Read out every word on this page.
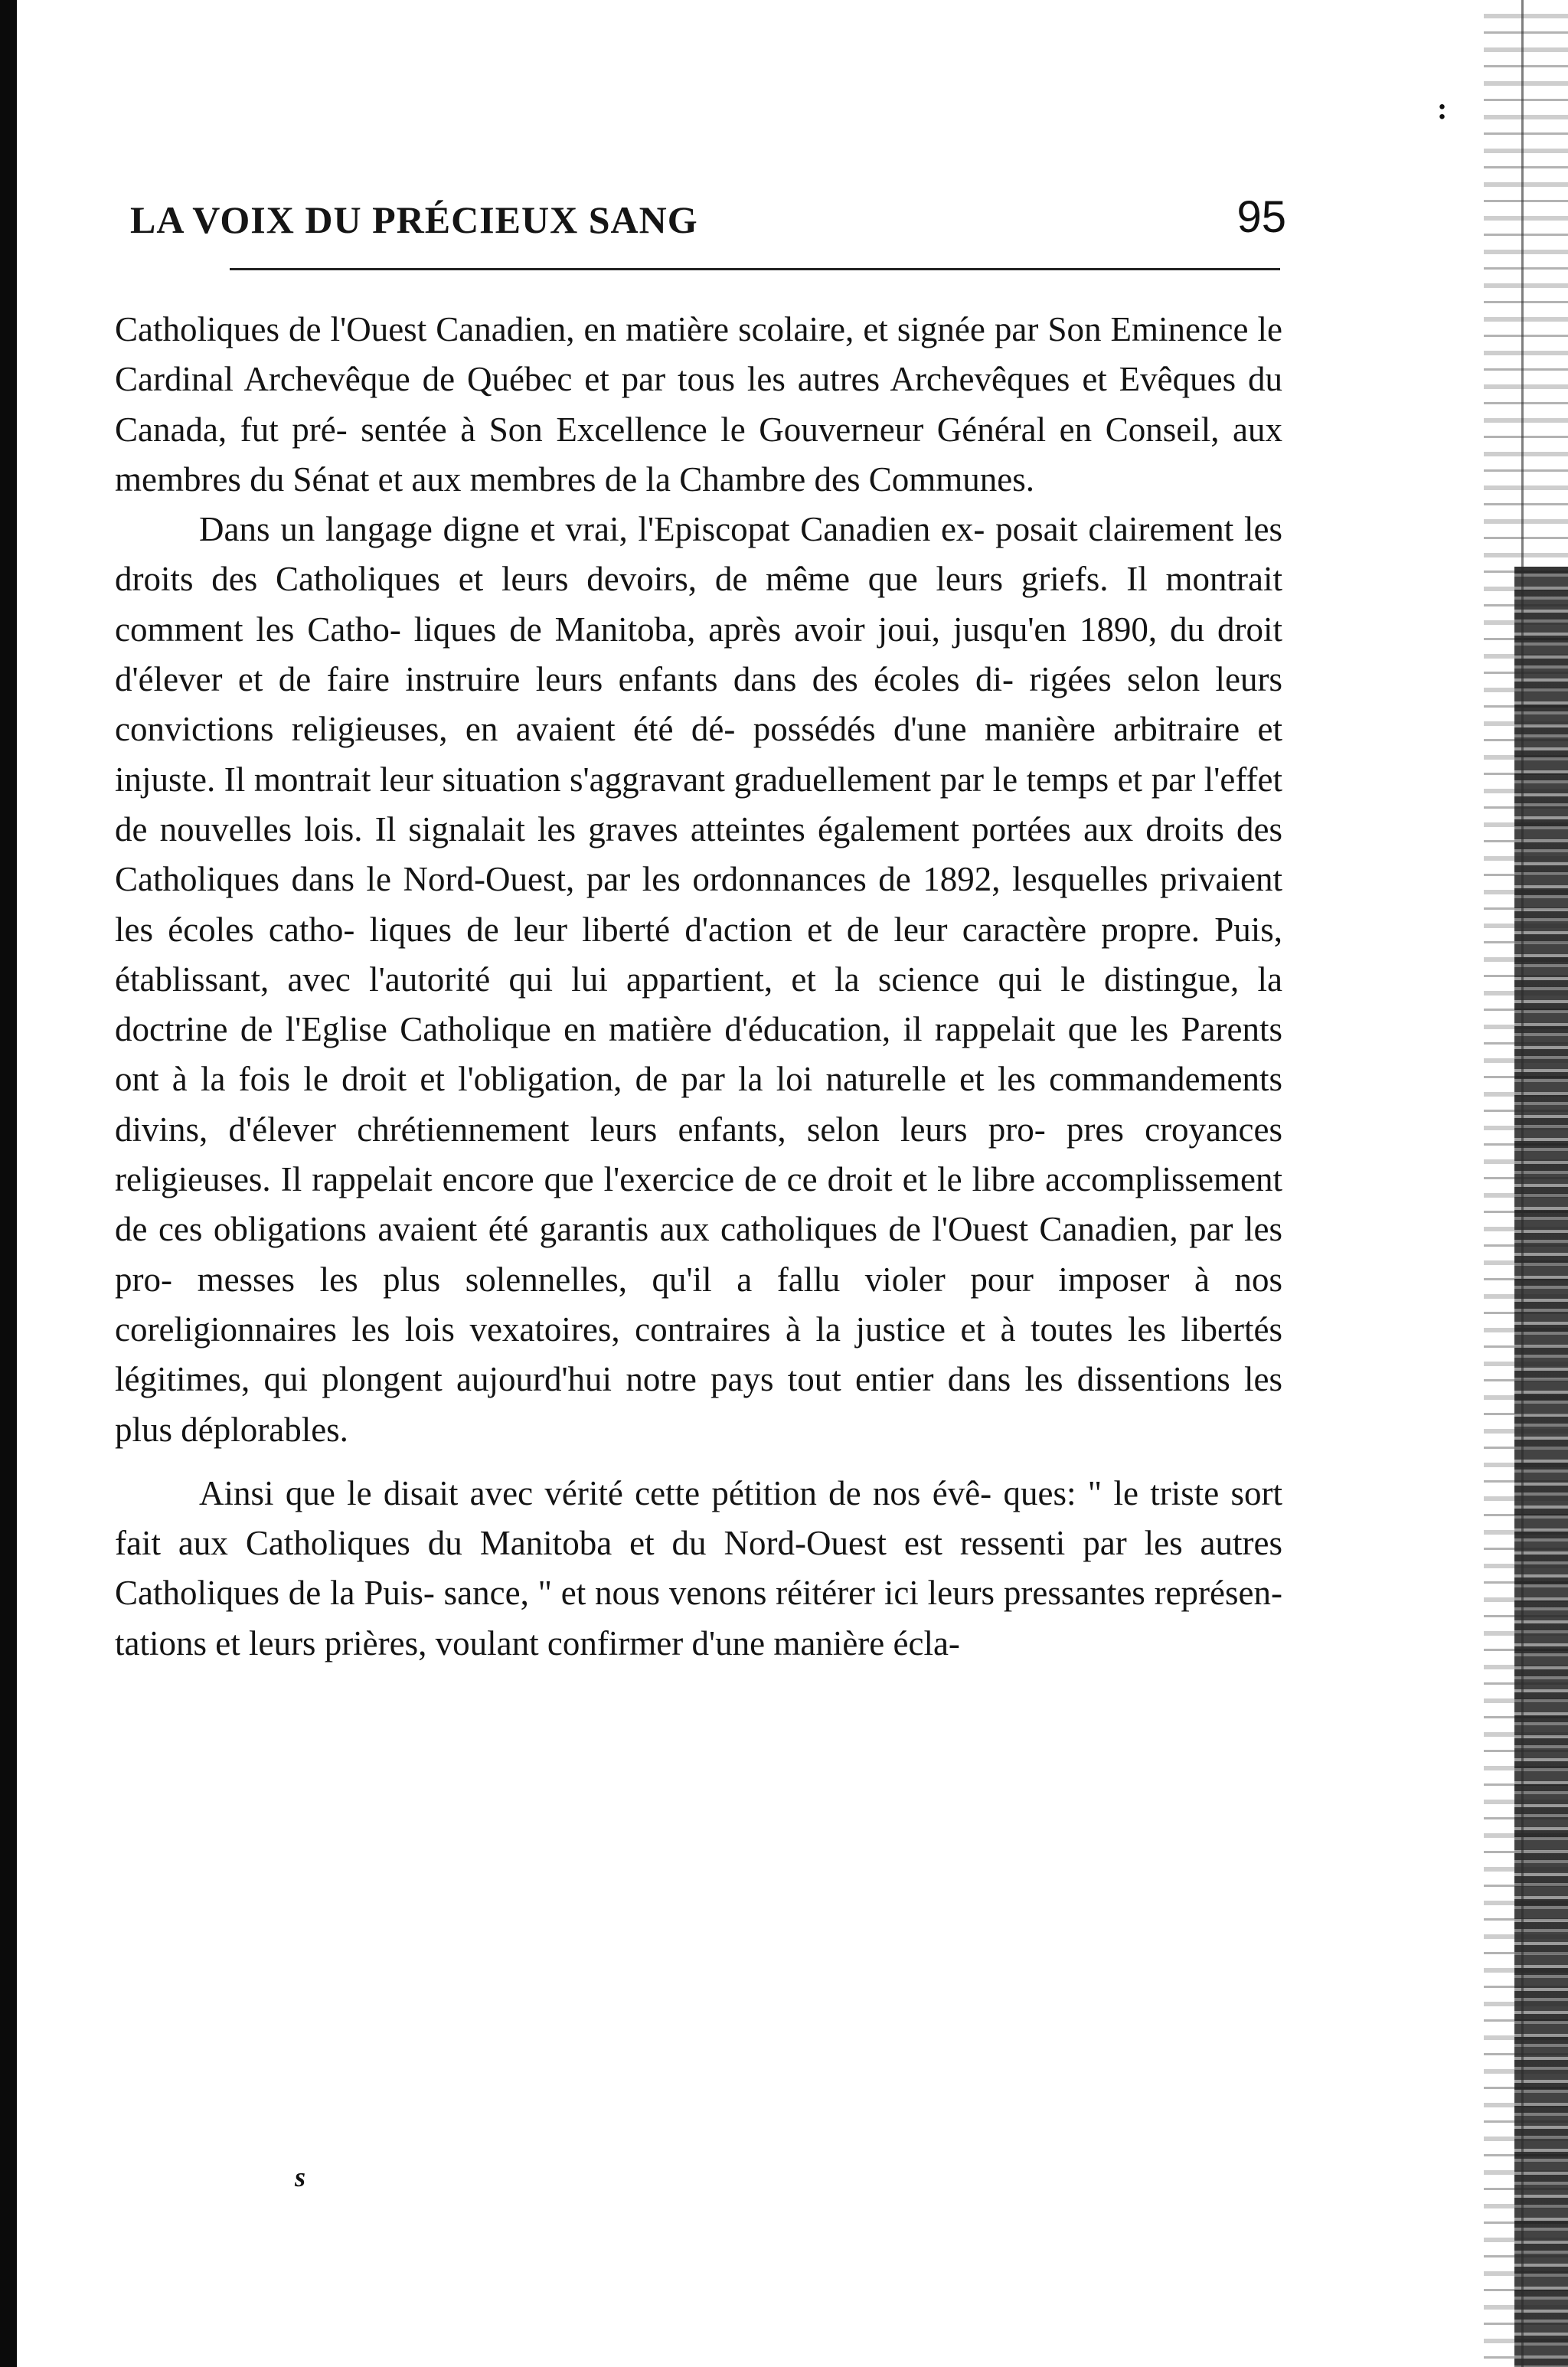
:
LA VOIX DU PRÉCIEUX SANG	95

Catholiques de l'Ouest Canadien, en matière scolaire, et signée par Son Eminence le Cardinal Archevêque de Québec et par tous les autres Archevêques et Evêques du Canada, fut pré- sentée à Son Excellence le Gouverneur Général en Conseil, aux membres du Sénat et aux membres de la Chambre des Communes.

Dans un langage digne et vrai, l'Episcopat Canadien ex- posait clairement les droits des Catholiques et leurs devoirs, de même que leurs griefs. Il montrait comment les Catho- liques de Manitoba, après avoir joui, jusqu'en 1890, du droit d'élever et de faire instruire leurs enfants dans des écoles di- rigées selon leurs convictions religieuses, en avaient été dé- possédés d'une manière arbitraire et injuste. Il montrait leur situation s'aggravant graduellement par le temps et par l'effet de nouvelles lois. Il signalait les graves atteintes également portées aux droits des Catholiques dans le Nord-Ouest, par les ordonnances de 1892, lesquelles privaient les écoles catho- liques de leur liberté d'action et de leur caractère propre. Puis, établissant, avec l'autorité qui lui appartient, et la science qui le distingue, la doctrine de l'Eglise Catholique en matière d'éducation, il rappelait que les Parents ont à la fois le droit et l'obligation, de par la loi naturelle et les commandements divins, d'élever chrétiennement leurs enfants, selon leurs pro- pres croyances religieuses. Il rappelait encore que l'exercice de ce droit et le libre accomplissement de ces obligations avaient été garantis aux catholiques de l'Ouest Canadien, par les pro- messes les plus solennelles, qu'il a fallu violer pour imposer à nos coreligionnaires les lois vexatoires, contraires à la justice et à toutes les libertés légitimes, qui plongent aujourd'hui notre pays tout entier dans les dissentions les plus déplorables.

Ainsi que le disait avec vérité cette pétition de nos évê- ques: " le triste sort fait aux Catholiques du Manitoba et du Nord-Ouest est ressenti par les autres Catholiques de la Puis- sance, " et nous venons réitérer ici leurs pressantes représen- tations et leurs prières, voulant confirmer d'une manière écla-

s
